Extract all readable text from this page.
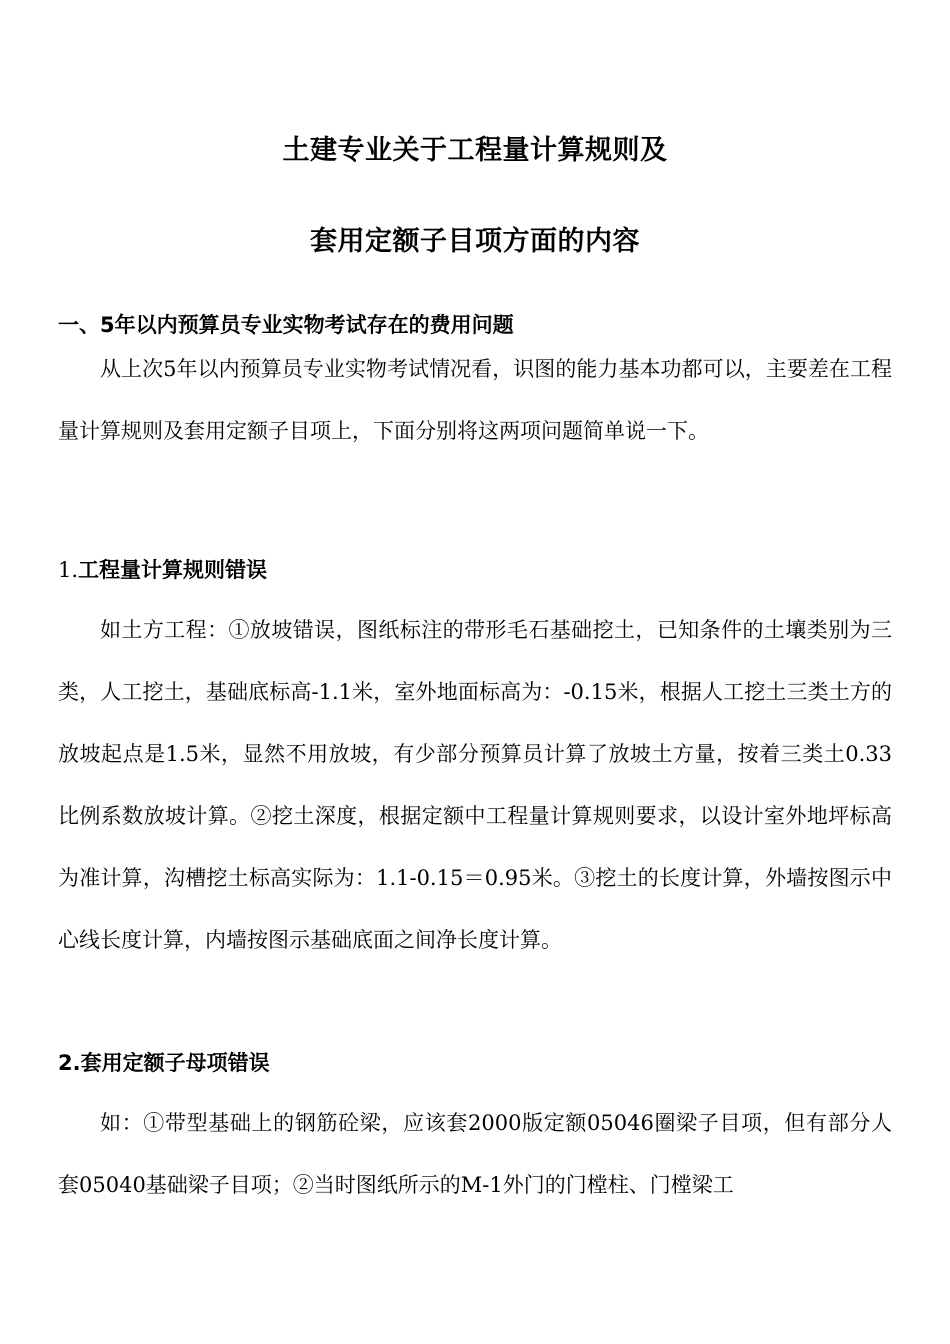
土建专业关于工程量计算规则及
套用定额子目项方面的内容
一、5年以内预算员专业实物考试存在的费用问题

从上次5年以内预算员专业实物考试情况看，识图的能力基本功都可以，主要差在工程量计算规则及套用定额子目项上，下面分别将这两项问题简单说一下。

1.工程量计算规则错误

如土方工程：①放坡错误，图纸标注的带形毛石基础挖土，已知条件的土壤类别为三类，人工挖土，基础底标高-1.1米，室外地面标高为：-0.15米，根据人工挖土三类土方的放坡起点是1.5米，显然不用放坡，有少部分预算员计算了放坡土方量，按着三类土0.33比例系数放坡计算。②挖土深度，根据定额中工程量计算规则要求，以设计室外地坪标高为准计算，沟槽挖土标高实际为：1.1-0.15＝0.95米。③挖土的长度计算，外墙按图示中心线长度计算，内墙按图示基础底面之间净长度计算。

2.套用定额子母项错误

如：①带型基础上的钢筋砼梁，应该套2000版定额05046圈梁子目项，但有部分人套05040基础梁子目项；②当时图纸所示的M-1外门的门樘柱、门樘梁工
